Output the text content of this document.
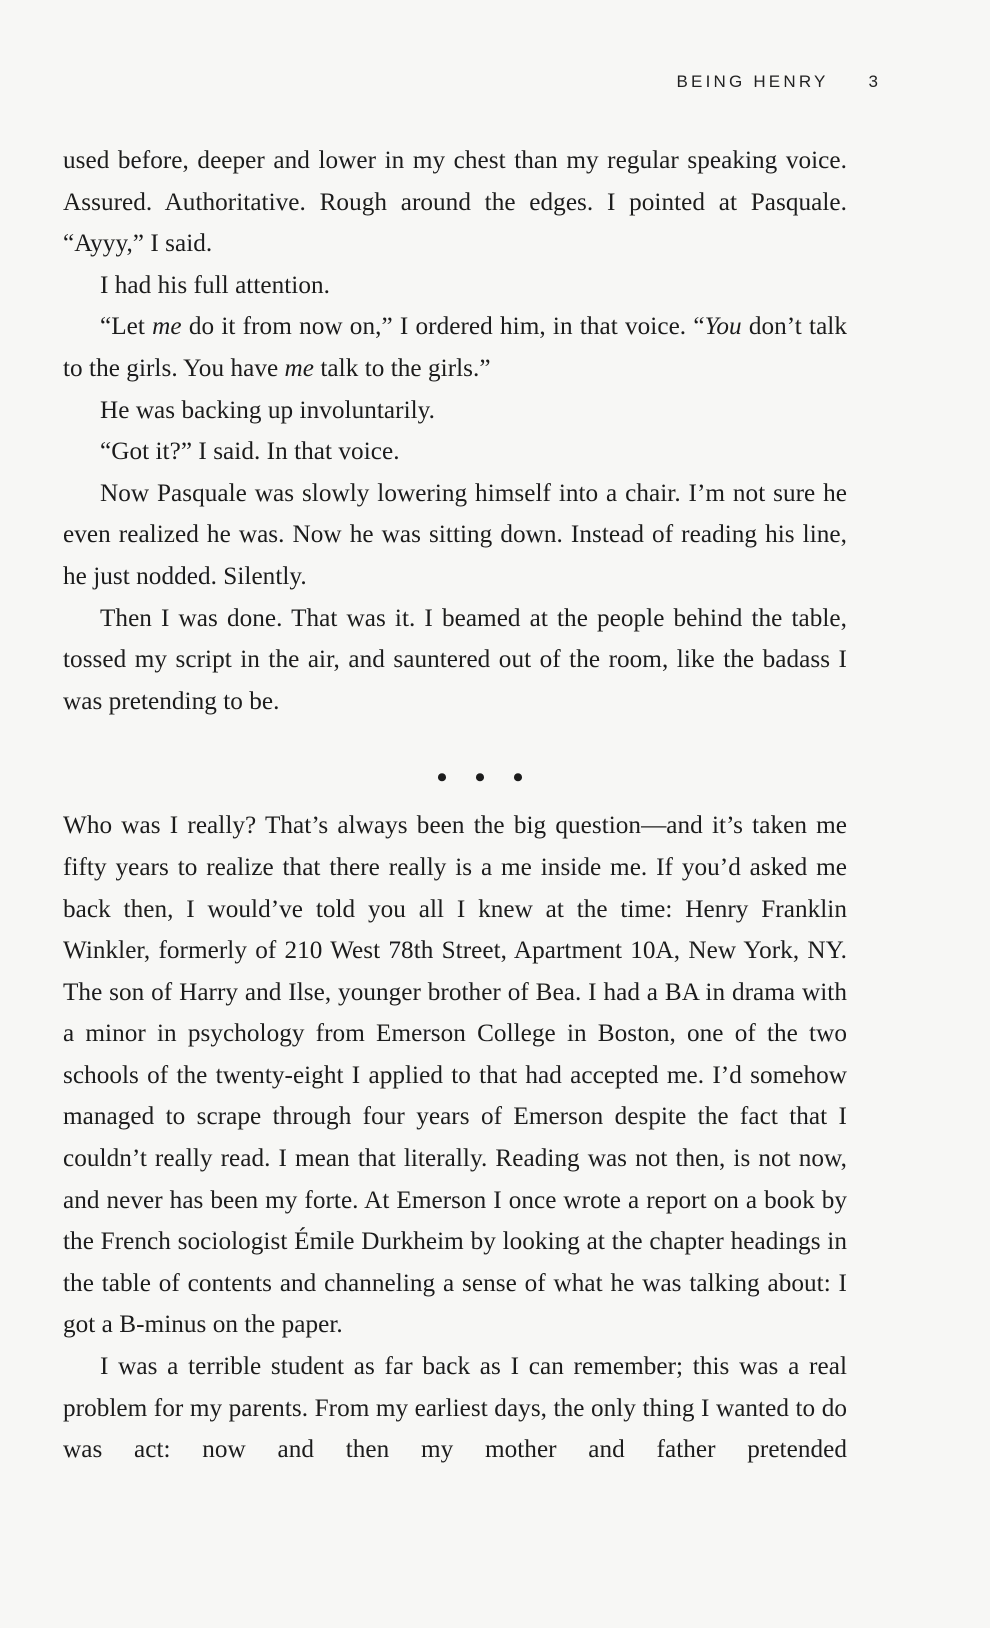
BEING HENRY 3

used before, deeper and lower in my chest than my regular speaking voice. Assured. Authoritative. Rough around the edges. I pointed at Pasquale. “Ayyy,” I said.

I had his full attention.

“Let me do it from now on,” I ordered him, in that voice. “You don’t talk to the girls. You have me talk to the girls.”

He was backing up involuntarily.

“Got it?” I said. In that voice.

Now Pasquale was slowly lowering himself into a chair. I’m not sure he even realized he was. Now he was sitting down. Instead of reading his line, he just nodded. Silently.

Then I was done. That was it. I beamed at the people behind the table, tossed my script in the air, and sauntered out of the room, like the badass I was pretending to be.

• • •

Who was I really? That’s always been the big question—and it’s taken me fifty years to realize that there really is a me inside me. If you’d asked me back then, I would’ve told you all I knew at the time: Henry Franklin Winkler, formerly of 210 West 78th Street, Apartment 10A, New York, NY. The son of Harry and Ilse, younger brother of Bea. I had a BA in drama with a minor in psychology from Emerson College in Boston, one of the two schools of the twenty-eight I applied to that had accepted me. I’d somehow managed to scrape through four years of Emerson despite the fact that I couldn’t really read. I mean that literally. Reading was not then, is not now, and never has been my forte. At Emerson I once wrote a report on a book by the French sociologist Émile Durkheim by looking at the chapter headings in the table of contents and channeling a sense of what he was talking about: I got a B-minus on the paper.

I was a terrible student as far back as I can remember; this was a real problem for my parents. From my earliest days, the only thing I wanted to do was act: now and then my mother and father pretended
